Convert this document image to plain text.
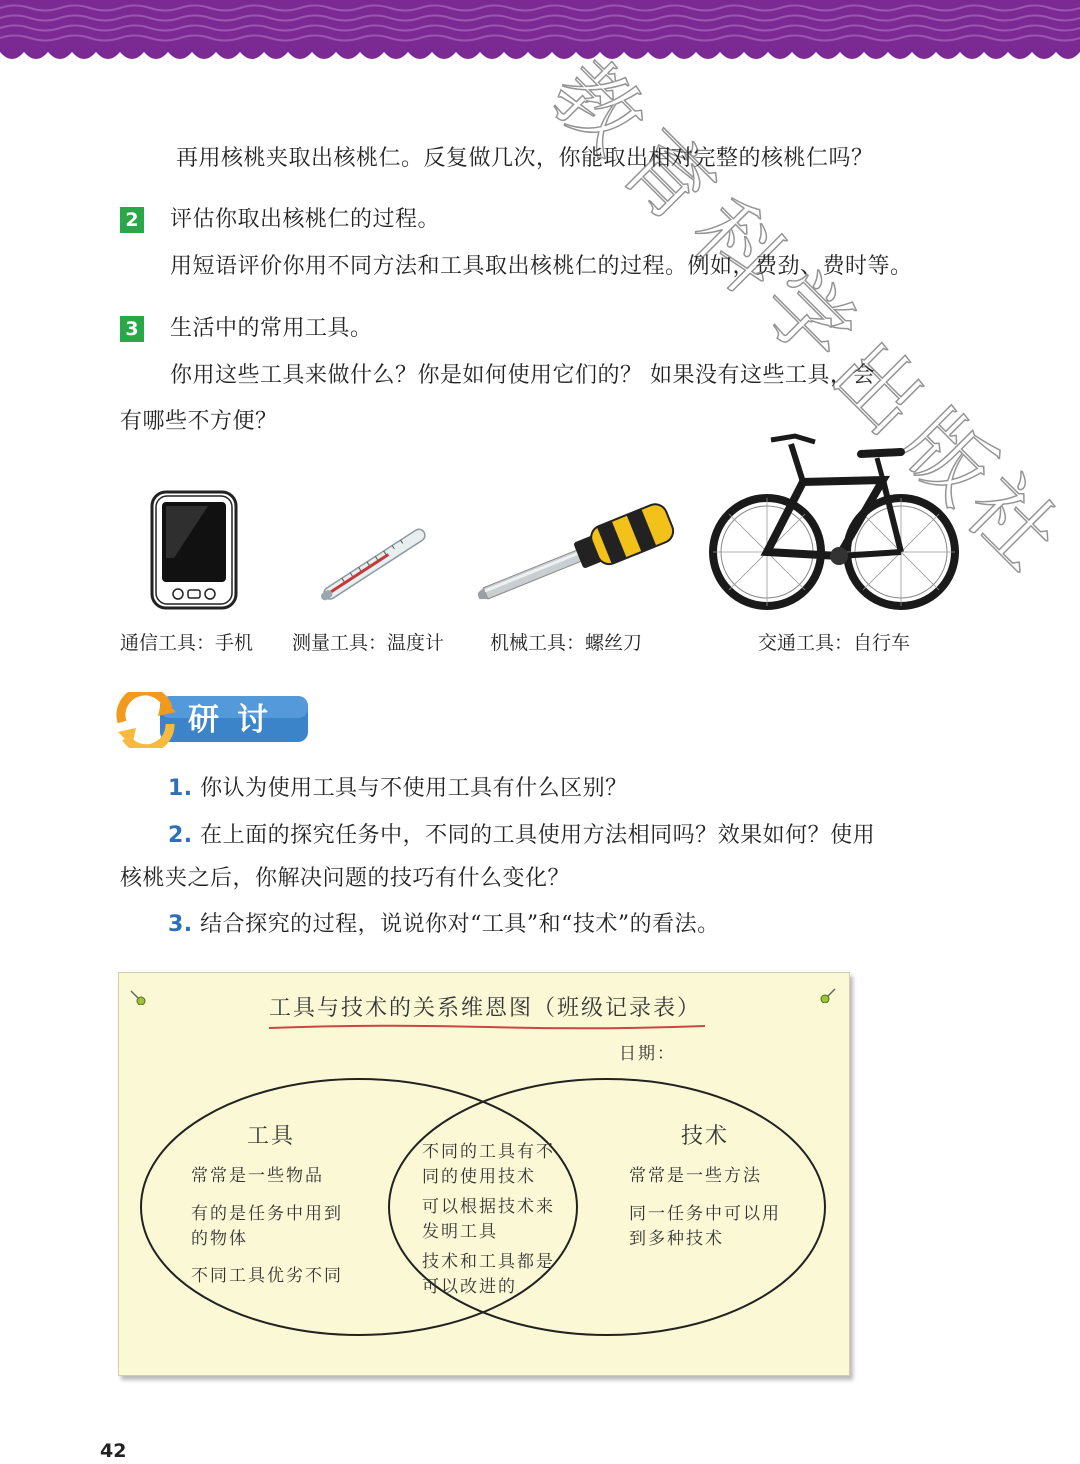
教
育
科
学
出
版
社
再用核桃夹取出核桃仁。反复做几次，你能取出相对完整的核桃仁吗？
2 评估你取出核桃仁的过程。
用短语评价你用不同方法和工具取出核桃仁的过程。例如，费劲、费时等。
3 生活中的常用工具。
你用这些工具来做什么？你是如何使用它们的？ 如果没有这些工具，会
有哪些不方便？
通信工具：手机 测量工具：温度计 机械工具：螺丝刀	交通工具：自行车
研讨
1. 你认为使用工具与不使用工具有什么区别？
2. 在上面的探究任务中，不同的工具使用方法相同吗？效果如何？使用
核桃夹之后，你解决问题的技巧有什么变化？
3. 结合探究的过程，说说你对“工具”和“技术”的看法。
工具与技术的关系维恩图（班级记录表）
日期：
工具
常常是一些物品
有的是任务中用到
的物体
不同工具优劣不同
不同的工具有不
同的使用技术
可以根据技术来
发明工具
技术和工具都是
可以改进的
技术
常常是一些方法
同一任务中可以用
到多种技术
42
